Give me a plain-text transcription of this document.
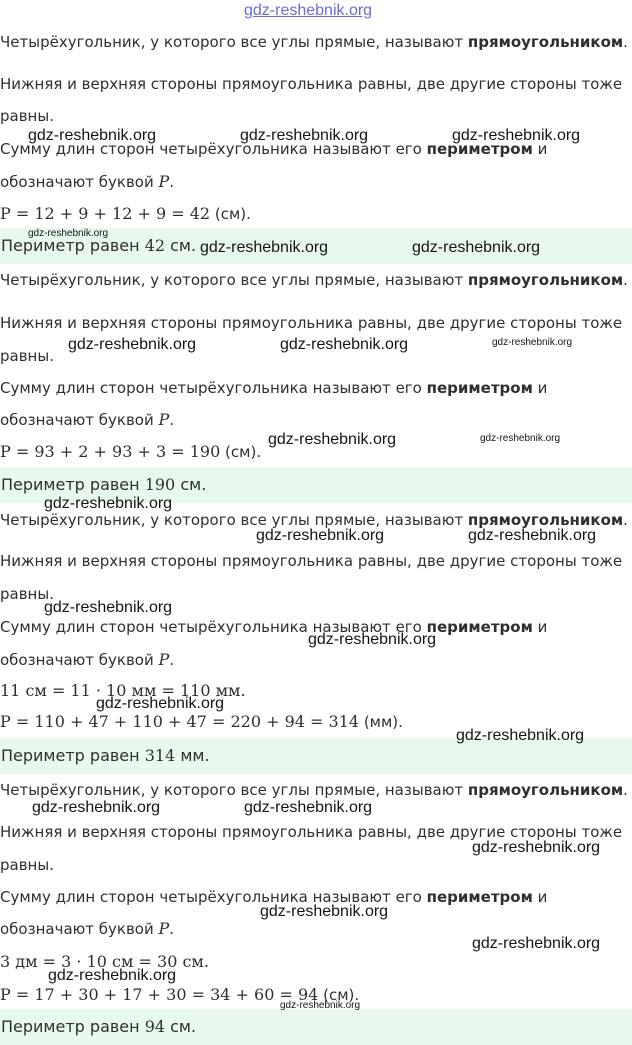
gdz-reshebnik.org
Четырёхугольник, у которого все углы прямые, называют прямоугольником.
Нижняя и верхняя стороны прямоугольника равны, две другие стороны тоже
равны.
Сумму длин сторон четырёхугольника называют его периметром и
обозначают буквой P.
P = 12 + 9 + 12 + 9 = 42 (см).
Периметр равен 42 см.
Четырёхугольник, у которого все углы прямые, называют прямоугольником.
Нижняя и верхняя стороны прямоугольника равны, две другие стороны тоже
равны.
Сумму длин сторон четырёхугольника называют его периметром и
обозначают буквой P.
P = 93 + 2 + 93 + 3 = 190 (см).
Периметр равен 190 см.
Четырёхугольник, у которого все углы прямые, называют прямоугольником.
Нижняя и верхняя стороны прямоугольника равны, две другие стороны тоже
равны.
Сумму длин сторон четырёхугольника называют его периметром и
обозначают буквой P.
11 см = 11 · 10 мм = 110 мм.
P = 110 + 47 + 110 + 47 = 220 + 94 = 314 (мм).
Периметр равен 314 мм.
Четырёхугольник, у которого все углы прямые, называют прямоугольником.
Нижняя и верхняя стороны прямоугольника равны, две другие стороны тоже
равны.
Сумму длин сторон четырёхугольника называют его периметром и
обозначают буквой P.
3 дм = 3 · 10 см = 30 см.
P = 17 + 30 + 17 + 30 = 34 + 60 = 94 (см).
Периметр равен 94 см.
gdz-reshebnik.org	gdz-reshebnik.org	gdz-reshebnik.org
gdz-reshebnik.org
gdz-reshebnik.org	gdz-reshebnik.org
gdz-reshebnik.org	gdz-reshebnik.org	gdz-reshebnik.org
gdz-reshebnik.org	gdz-reshebnik.org
gdz-reshebnik.org
gdz-reshebnik.org	gdz-reshebnik.org
gdz-reshebnik.org
gdz-reshebnik.org
gdz-reshebnik.org
gdz-reshebnik.org
gdz-reshebnik.org	gdz-reshebnik.org
gdz-reshebnik.org
gdz-reshebnik.org
gdz-reshebnik.org
gdz-reshebnik.org
gdz-reshebnik.org
